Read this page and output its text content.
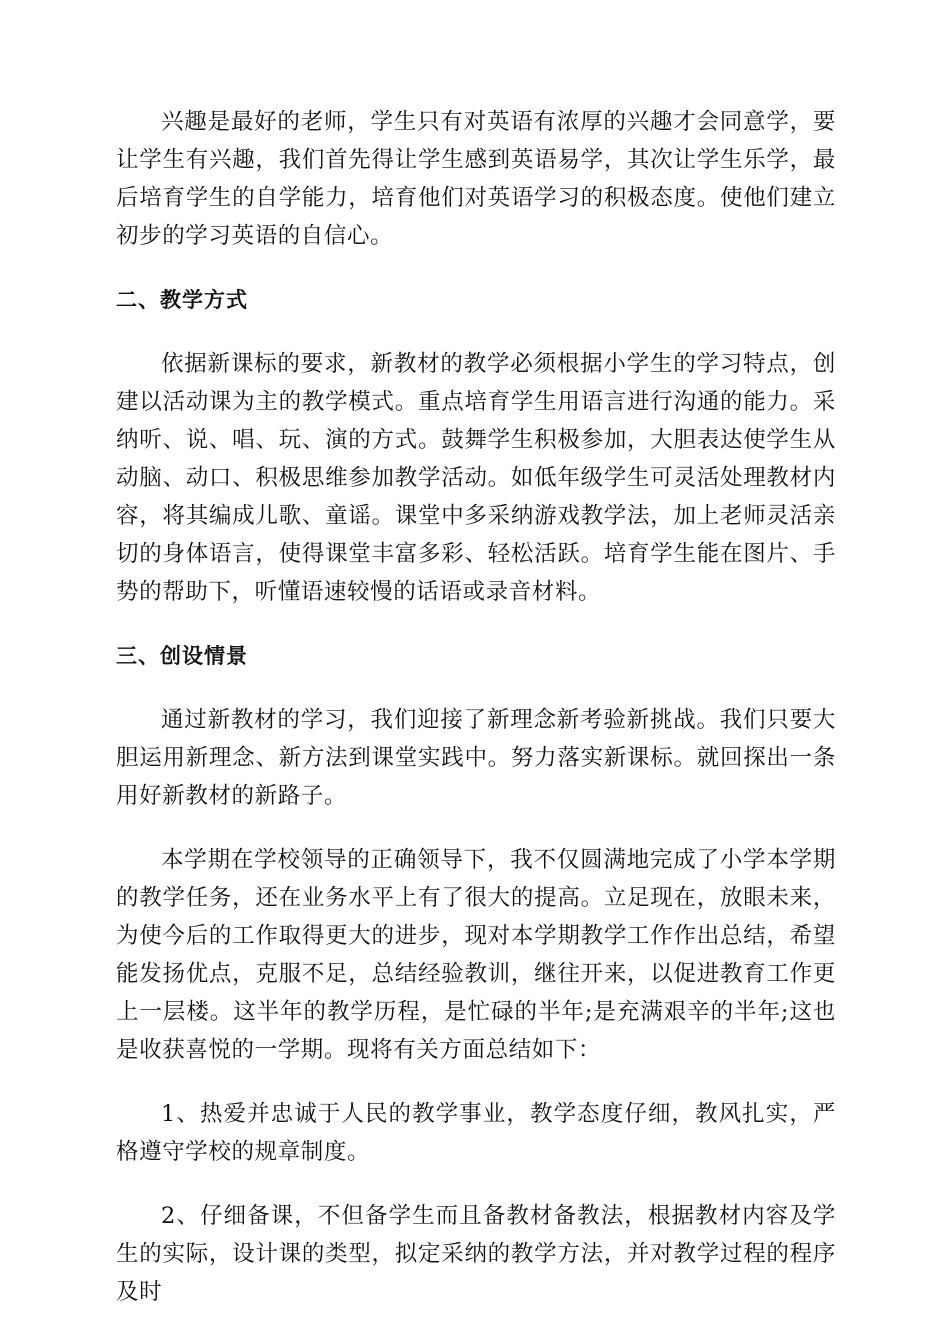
兴趣是最好的老师，学生只有对英语有浓厚的兴趣才会同意学，要让学生有兴趣，我们首先得让学生感到英语易学，其次让学生乐学，最后培育学生的自学能力，培育他们对英语学习的积极态度。使他们建立初步的学习英语的自信心。

二、教学方式

依据新课标的要求，新教材的教学必须根据小学生的学习特点，创建以活动课为主的教学模式。重点培育学生用语言进行沟通的能力。采纳听、说、唱、玩、演的方式。鼓舞学生积极参加，大胆表达使学生从动脑、动口、积极思维参加教学活动。如低年级学生可灵活处理教材内容，将其编成儿歌、童谣。课堂中多采纳游戏教学法，加上老师灵活亲切的身体语言，使得课堂丰富多彩、轻松活跃。培育学生能在图片、手势的帮助下，听懂语速较慢的话语或录音材料。

三、创设情景

通过新教材的学习，我们迎接了新理念新考验新挑战。我们只要大胆运用新理念、新方法到课堂实践中。努力落实新课标。就回探出一条用好新教材的新路子。

本学期在学校领导的正确领导下，我不仅圆满地完成了小学本学期的教学任务，还在业务水平上有了很大的提高。立足现在，放眼未来，为使今后的工作取得更大的进步，现对本学期教学工作作出总结，希望能发扬优点，克服不足，总结经验教训，继往开来，以促进教育工作更上一层楼。这半年的教学历程，是忙碌的半年;是充满艰辛的半年;这也是收获喜悦的一学期。现将有关方面总结如下：

1、热爱并忠诚于人民的教学事业，教学态度仔细，教风扎实，严格遵守学校的规章制度。

2、仔细备课，不但备学生而且备教材备教法，根据教材内容及学生的实际，设计课的类型，拟定采纳的教学方法，并对教学过程的程序及时
